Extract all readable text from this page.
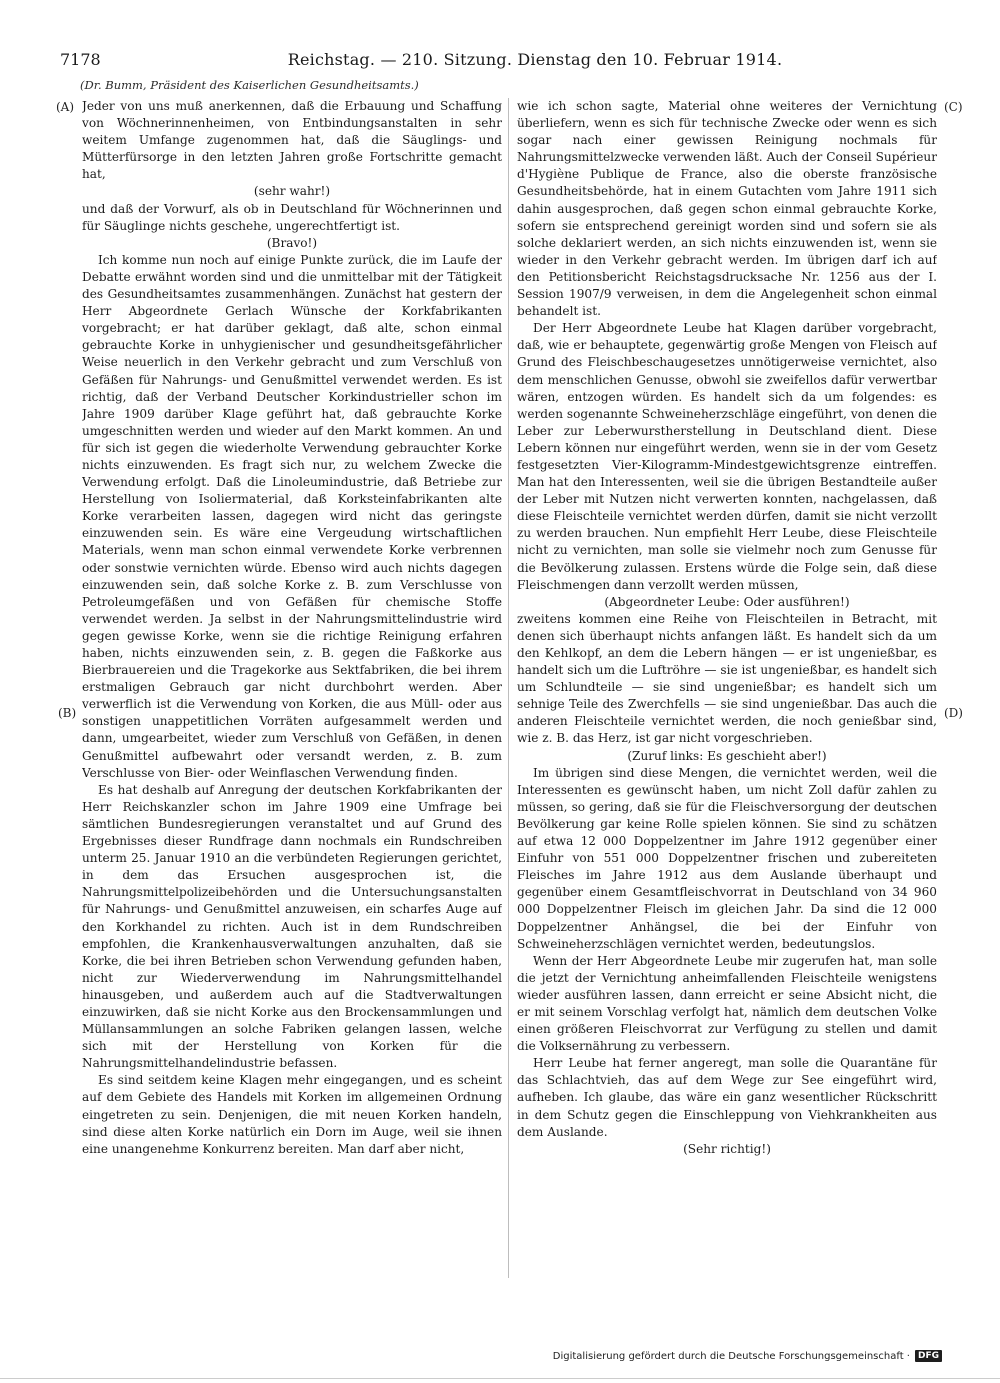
7178	Reichstag. — 210. Sitzung. Dienstag den 10. Februar 1914.
(Dr. Bumm, Präsident des Kaiserlichen Gesundheitsamts.)
(A)
(B)
(C)
(D)

Jeder von uns muß anerkennen, daß die Erbauung und Schaffung von Wöchnerinnenheimen, von Entbindungsanstalten in sehr weitem Umfange zugenommen hat, daß die Säuglings- und Mütterfürsorge in den letzten Jahren große Fortschritte gemacht hat,

(sehr wahr!)

und daß der Vorwurf, als ob in Deutschland für Wöchnerinnen und für Säuglinge nichts geschehe, ungerechtfertigt ist.

(Bravo!)

Ich komme nun noch auf einige Punkte zurück, die im Laufe der Debatte erwähnt worden sind und die unmittelbar mit der Tätigkeit des Gesundheitsamtes zusammenhängen. Zunächst hat gestern der Herr Abgeordnete Gerlach Wünsche der Korkfabrikanten vorgebracht; er hat darüber geklagt, daß alte, schon einmal gebrauchte Korke in unhygienischer und gesundheitsgefährlicher Weise neuerlich in den Verkehr gebracht und zum Verschluß von Gefäßen für Nahrungs- und Genußmittel verwendet werden. Es ist richtig, daß der Verband Deutscher Korkindustrieller schon im Jahre 1909 darüber Klage geführt hat, daß gebrauchte Korke umgeschnitten werden und wieder auf den Markt kommen. An und für sich ist gegen die wiederholte Verwendung gebrauchter Korke nichts einzuwenden. Es fragt sich nur, zu welchem Zwecke die Verwendung erfolgt. Daß die Linoleumindustrie, daß Betriebe zur Herstellung von Isoliermaterial, daß Korksteinfabrikanten alte Korke verarbeiten lassen, dagegen wird nicht das geringste einzuwenden sein. Es wäre eine Vergeudung wirtschaftlichen Materials, wenn man schon einmal verwendete Korke verbrennen oder sonstwie vernichten würde. Ebenso wird auch nichts dagegen einzuwenden sein, daß solche Korke z. B. zum Verschlusse von Petroleumgefäßen und von Gefäßen für chemische Stoffe verwendet werden. Ja selbst in der Nahrungsmittelindustrie wird gegen gewisse Korke, wenn sie die richtige Reinigung erfahren haben, nichts einzuwenden sein, z. B. gegen die Faßkorke aus Bierbrauereien und die Tragekorke aus Sektfabriken, die bei ihrem erstmaligen Gebrauch gar nicht durchbohrt werden. Aber verwerflich ist die Verwendung von Korken, die aus Müll- oder aus sonstigen unappetitlichen Vorräten aufgesammelt werden und dann, umgearbeitet, wieder zum Verschluß von Gefäßen, in denen Genußmittel aufbewahrt oder versandt werden, z. B. zum Verschlusse von Bier- oder Weinflaschen Verwendung finden.

Es hat deshalb auf Anregung der deutschen Korkfabrikanten der Herr Reichskanzler schon im Jahre 1909 eine Umfrage bei sämtlichen Bundesregierungen veranstaltet und auf Grund des Ergebnisses dieser Rundfrage dann nochmals ein Rundschreiben unterm 25. Januar 1910 an die verbündeten Regierungen gerichtet, in dem das Ersuchen ausgesprochen ist, die Nahrungsmittelpolizeibehörden und die Untersuchungsanstalten für Nahrungs- und Genußmittel anzuweisen, ein scharfes Auge auf den Korkhandel zu richten. Auch ist in dem Rundschreiben empfohlen, die Krankenhausverwaltungen anzuhalten, daß sie Korke, die bei ihren Betrieben schon Verwendung gefunden haben, nicht zur Wiederverwendung im Nahrungsmittelhandel hinausgeben, und außerdem auch auf die Stadtverwaltungen einzuwirken, daß sie nicht Korke aus den Brockensammlungen und Müllansammlungen an solche Fabriken gelangen lassen, welche sich mit der Herstellung von Korken für die Nahrungsmittelhandelindustrie befassen.

Es sind seitdem keine Klagen mehr eingegangen, und es scheint auf dem Gebiete des Handels mit Korken im allgemeinen Ordnung eingetreten zu sein. Denjenigen, die mit neuen Korken handeln, sind diese alten Korke natürlich ein Dorn im Auge, weil sie ihnen eine unangenehme Konkurrenz bereiten. Man darf aber nicht,

wie ich schon sagte, Material ohne weiteres der Vernichtung überliefern, wenn es sich für technische Zwecke oder wenn es sich sogar nach einer gewissen Reinigung nochmals für Nahrungsmittelzwecke verwenden läßt. Auch der Conseil Supérieur d'Hygiène Publique de France, also die oberste französische Gesundheitsbehörde, hat in einem Gutachten vom Jahre 1911 sich dahin ausgesprochen, daß gegen schon einmal gebrauchte Korke, sofern sie entsprechend gereinigt worden sind und sofern sie als solche deklariert werden, an sich nichts einzuwenden ist, wenn sie wieder in den Verkehr gebracht werden. Im übrigen darf ich auf den Petitionsbericht Reichstagsdrucksache Nr. 1256 aus der I. Session 1907/9 verweisen, in dem die Angelegenheit schon einmal behandelt ist.

Der Herr Abgeordnete Leube hat Klagen darüber vorgebracht, daß, wie er behauptete, gegenwärtig große Mengen von Fleisch auf Grund des Fleischbeschaugesetzes unnötigerweise vernichtet, also dem menschlichen Genusse, obwohl sie zweifellos dafür verwertbar wären, entzogen würden. Es handelt sich da um folgendes: es werden sogenannte Schweineherzschläge eingeführt, von denen die Leber zur Leberwurstherstellung in Deutschland dient. Diese Lebern können nur eingeführt werden, wenn sie in der vom Gesetz festgesetzten Vier-Kilogramm-Mindestgewichtsgrenze eintreffen. Man hat den Interessenten, weil sie die übrigen Bestandteile außer der Leber mit Nutzen nicht verwerten konnten, nachgelassen, daß diese Fleischteile vernichtet werden dürfen, damit sie nicht verzollt zu werden brauchen. Nun empfiehlt Herr Leube, diese Fleischteile nicht zu vernichten, man solle sie vielmehr noch zum Genusse für die Bevölkerung zulassen. Erstens würde die Folge sein, daß diese Fleischmengen dann verzollt werden müssen,

(Abgeordneter Leube: Oder ausführen!)

zweitens kommen eine Reihe von Fleischteilen in Betracht, mit denen sich überhaupt nichts anfangen läßt. Es handelt sich da um den Kehlkopf, an dem die Lebern hängen — er ist ungenießbar, es handelt sich um die Luftröhre — sie ist ungenießbar, es handelt sich um Schlundteile — sie sind ungenießbar; es handelt sich um sehnige Teile des Zwerchfells — sie sind ungenießbar. Das auch die anderen Fleischteile vernichtet werden, die noch genießbar sind, wie z. B. das Herz, ist gar nicht vorgeschrieben.

(Zuruf links: Es geschieht aber!)

Im übrigen sind diese Mengen, die vernichtet werden, weil die Interessenten es gewünscht haben, um nicht Zoll dafür zahlen zu müssen, so gering, daß sie für die Fleischversorgung der deutschen Bevölkerung gar keine Rolle spielen können. Sie sind zu schätzen auf etwa 12 000 Doppelzentner im Jahre 1912 gegenüber einer Einfuhr von 551 000 Doppelzentner frischen und zubereiteten Fleisches im Jahre 1912 aus dem Auslande überhaupt und gegenüber einem Gesamtfleischvorrat in Deutschland von 34 960 000 Doppelzentner Fleisch im gleichen Jahr. Da sind die 12 000 Doppelzentner Anhängsel, die bei der Einfuhr von Schweineherzschlägen vernichtet werden, bedeutungslos.

Wenn der Herr Abgeordnete Leube mir zugerufen hat, man solle die jetzt der Vernichtung anheimfallenden Fleischteile wenigstens wieder ausführen lassen, dann erreicht er seine Absicht nicht, die er mit seinem Vorschlag verfolgt hat, nämlich dem deutschen Volke einen größeren Fleischvorrat zur Verfügung zu stellen und damit die Volksernährung zu verbessern.

Herr Leube hat ferner angeregt, man solle die Quarantäne für das Schlachtvieh, das auf dem Wege zur See eingeführt wird, aufheben. Ich glaube, das wäre ein ganz wesentlicher Rückschritt in dem Schutz gegen die Einschleppung von Viehkrankheiten aus dem Auslande.

(Sehr richtig!)

Digitalisierung gefördert durch die Deutsche Forschungsgemeinschaft · DFG
